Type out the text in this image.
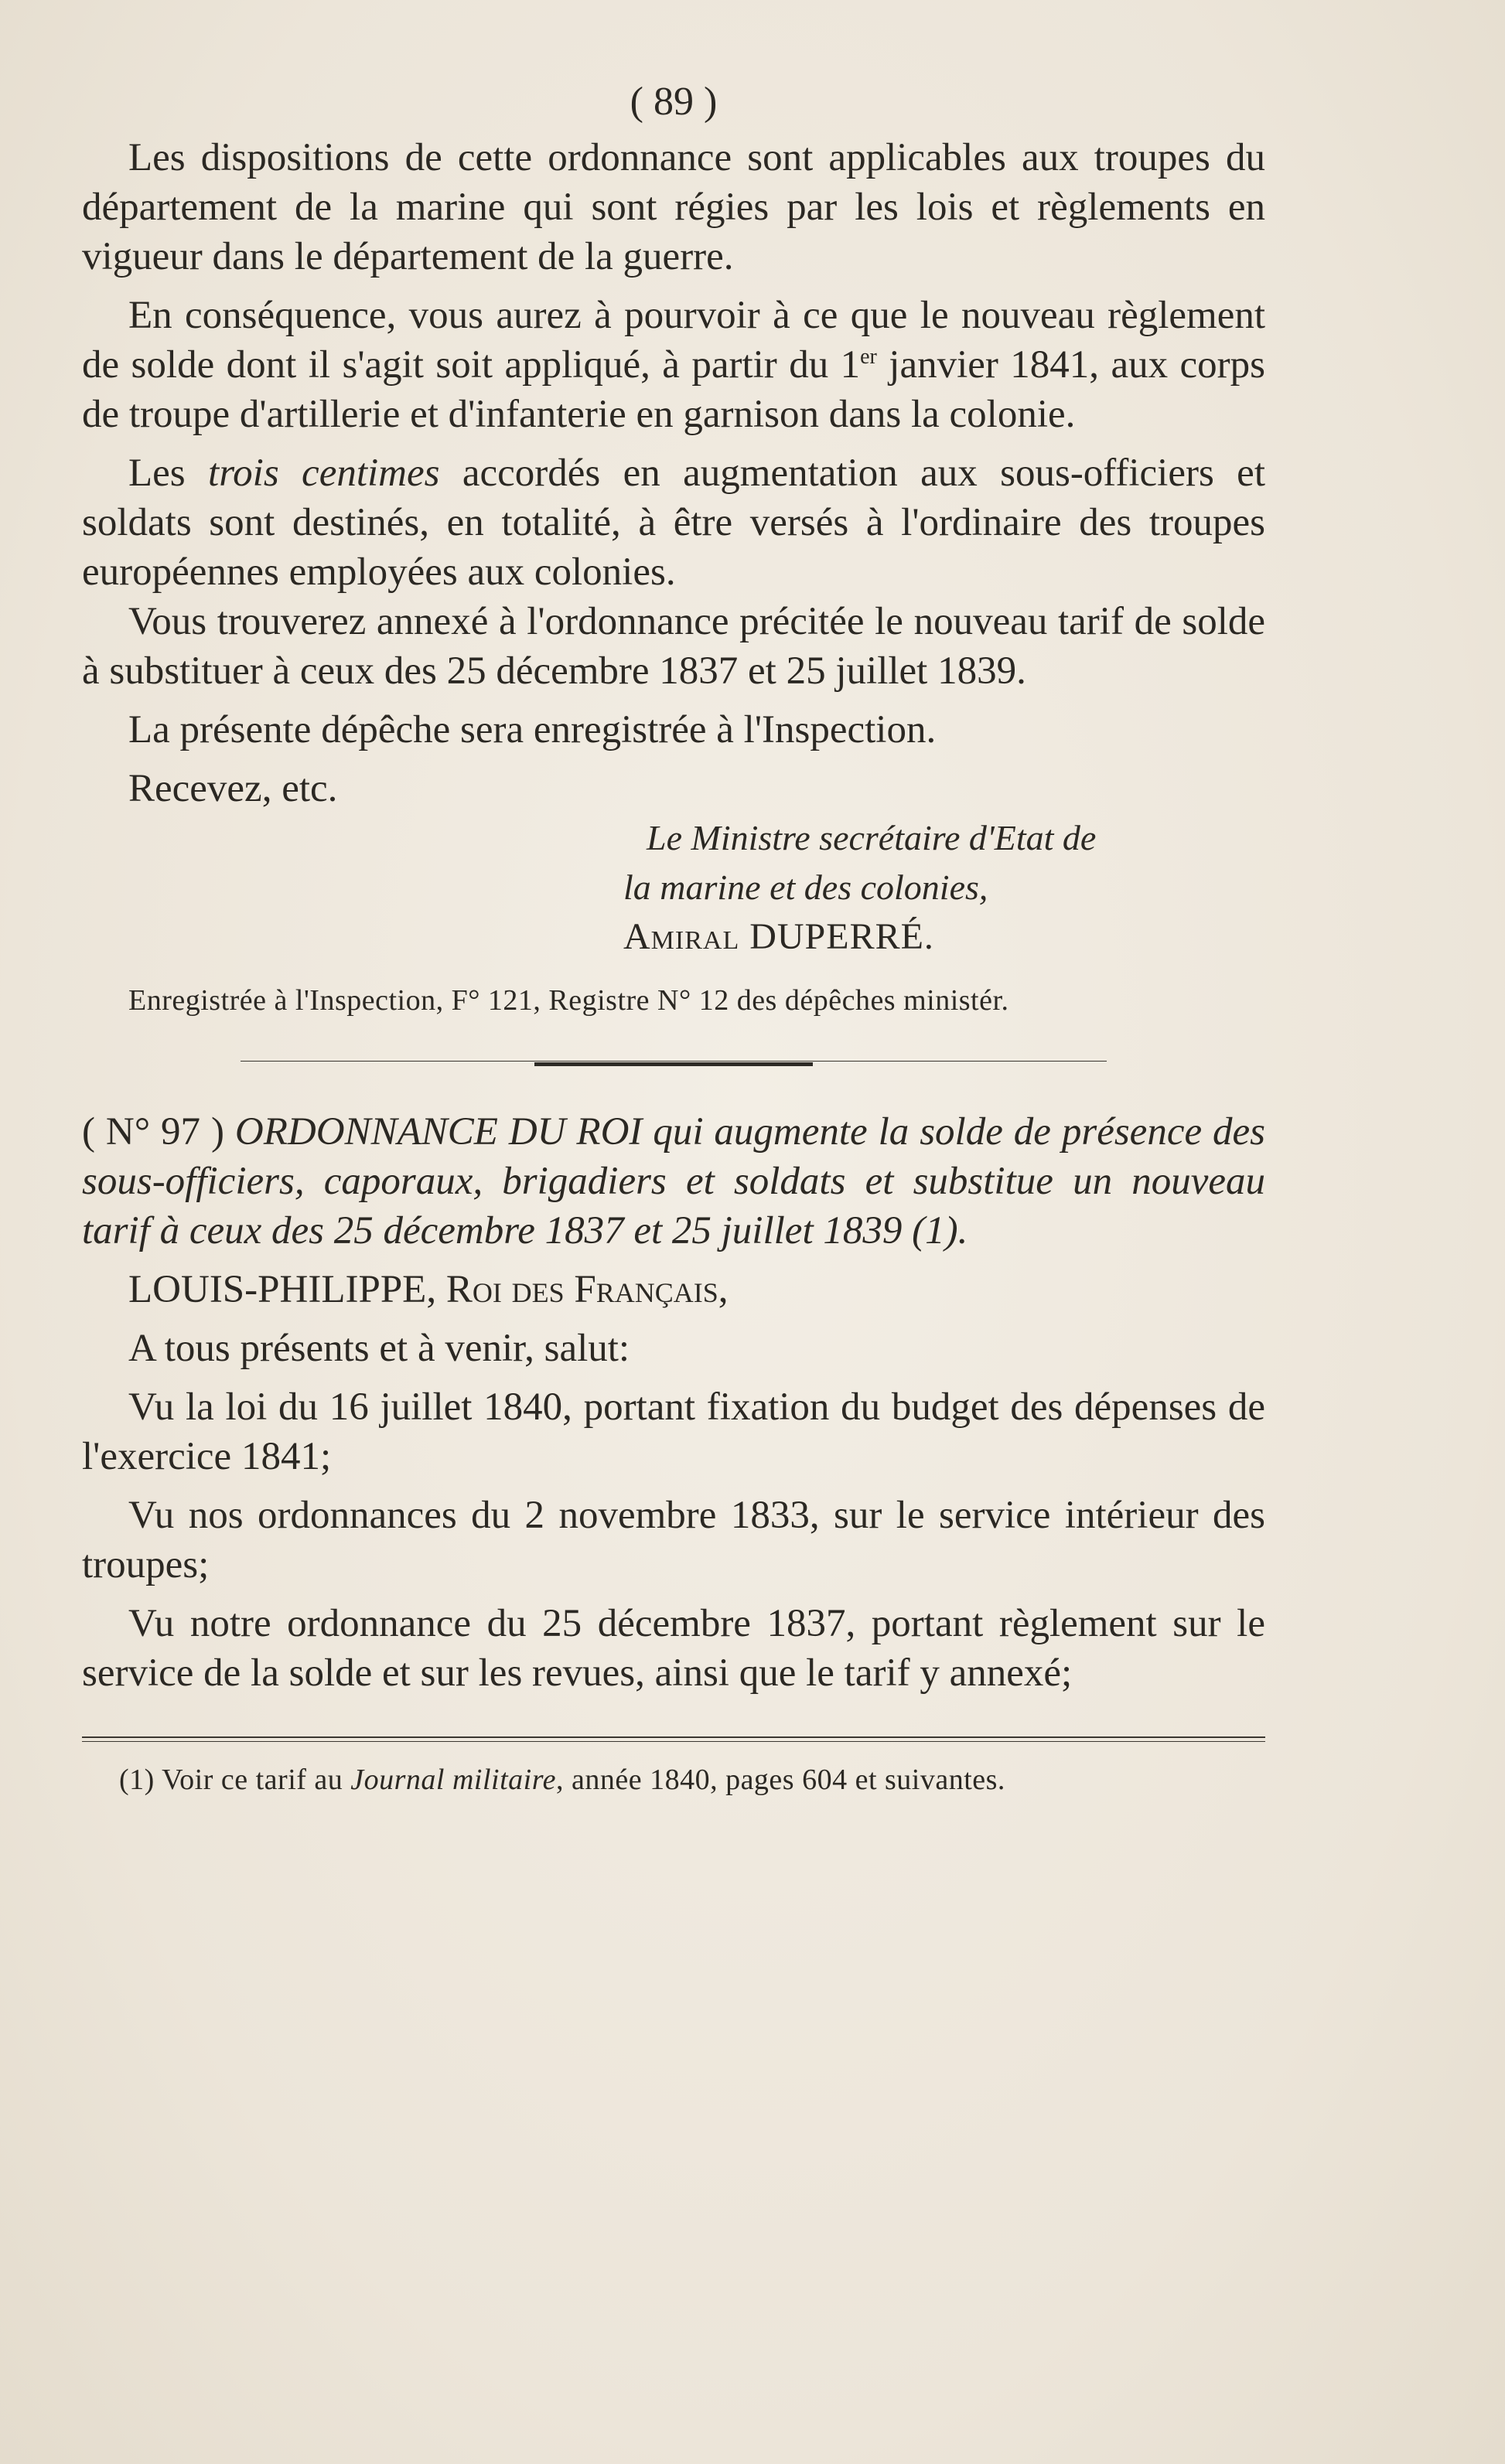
( 89 )

Les dispositions de cette ordonnance sont applicables aux troupes du département de la marine qui sont régies par les lois et règlements en vigueur dans le département de la guerre.

En conséquence, vous aurez à pourvoir à ce que le nouveau règlement de solde dont il s'agit soit appliqué, à partir du 1er janvier 1841, aux corps de troupe d'artillerie et d'infanterie en garnison dans la colonie.

Les trois centimes accordés en augmentation aux sous-officiers et soldats sont destinés, en totalité, à être versés à l'ordinaire des troupes européennes employées aux colonies.

Vous trouverez annexé à l'ordonnance précitée le nouveau tarif de solde à substituer à ceux des 25 décembre 1837 et 25 juillet 1839.

La présente dépêche sera enregistrée à l'Inspection.

Recevez, etc.

Le Ministre secrétaire d'Etat de
la marine et des colonies,
Amiral DUPERRÉ.

Enregistrée à l'Inspection, F° 121, Registre N° 12 des dépêches ministér.

( N° 97 ) ORDONNANCE DU ROI qui augmente la solde de présence des sous-officiers, caporaux, brigadiers et soldats et substitue un nouveau tarif à ceux des 25 décembre 1837 et 25 juillet 1839 (1).

LOUIS-PHILIPPE, Roi des Français,

A tous présents et à venir, salut:

Vu la loi du 16 juillet 1840, portant fixation du budget des dépenses de l'exercice 1841;

Vu nos ordonnances du 2 novembre 1833, sur le service intérieur des troupes;

Vu notre ordonnance du 25 décembre 1837, portant règlement sur le service de la solde et sur les revues, ainsi que le tarif y annexé;

(1) Voir ce tarif au Journal militaire, année 1840, pages 604 et suivantes.
